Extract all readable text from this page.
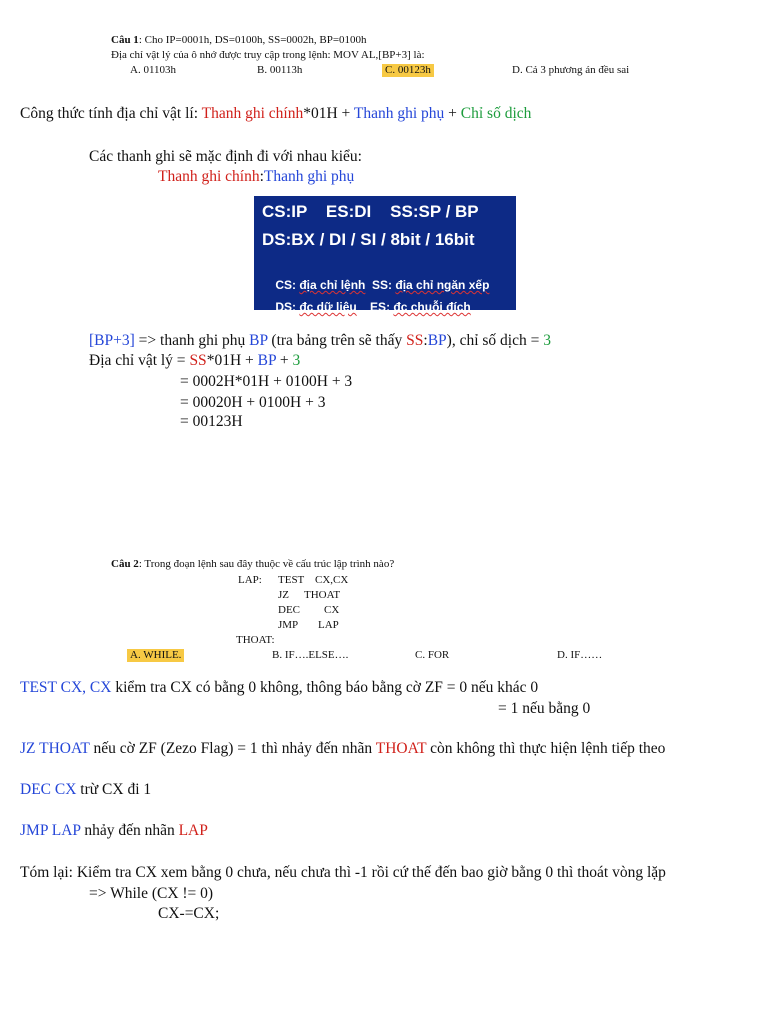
Câu 1: Cho IP=0001h, DS=0100h, SS=0002h, BP=0100h
Địa chỉ vật lý của ô nhớ được truy cập trong lệnh: MOV AL,[BP+3] là:
A. 01103h	B. 00113h	C. 00123h	D. Cả 3 phương án đều sai
Công thức tính địa chỉ vật lí: Thanh ghi chính*01H + Thanh ghi phụ + Chỉ số dịch
Các thanh ghi sẽ mặc định đi với nhau kiểu:
Thanh ghi chính:Thanh ghi phụ
CS:IP    ES:DI    SS:SP / BP
DS:BX / DI / SI / 8bit / 16bit

CS: địa chỉ lệnh  SS: địa chỉ ngăn xếp

DS: đc dữ liệu    ES: đc chuỗi đích

[BP+3] => thanh ghi phụ BP (tra bảng trên sẽ thấy SS:BP), chỉ số dịch = 3
Địa chỉ vật lý = SS*01H + BP + 3
= 0002H*01H + 0100H + 3
= 00020H + 0100H + 3
= 00123H
Câu 2: Trong đoạn lệnh sau đây thuộc về cấu trúc lập trình nào?
LAP: TEST CX,CX
JZ THOAT
DEC CX
JMP LAP
THOAT:
A. WHILE.	B. IF….ELSE….	C. FOR	D. IF……
TEST CX, CX kiểm tra CX có bằng 0 không, thông báo bằng cờ ZF = 0 nếu khác 0
= 1 nếu bằng 0
JZ THOAT nếu cờ ZF (Zezo Flag) = 1 thì nhảy đến nhãn THOAT còn không thì thực hiện lệnh tiếp theo
DEC CX trừ CX đi 1
JMP LAP nhảy đến nhãn LAP
Tóm lại: Kiểm tra CX xem bằng 0 chưa, nếu chưa thì -1 rồi cứ thế đến bao giờ bằng 0 thì thoát vòng lặp
=> While (CX != 0)
CX-=CX;
